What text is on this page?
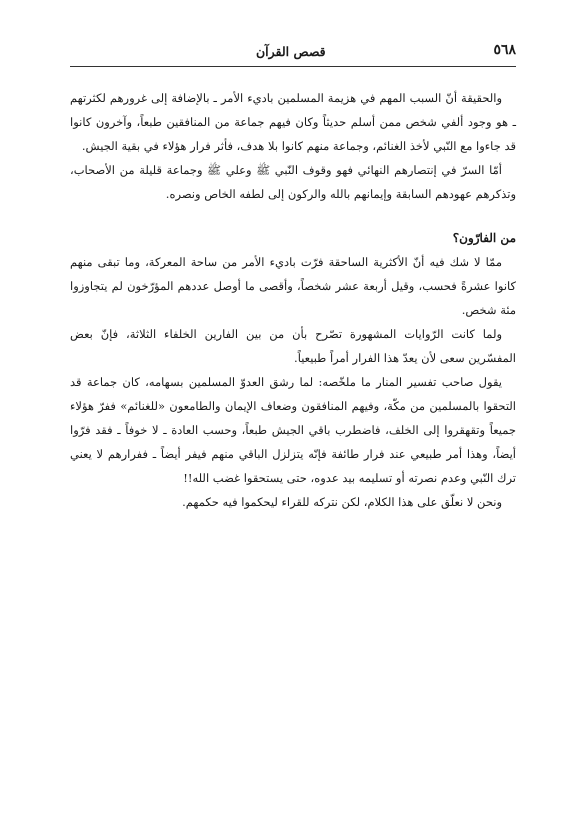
٥٦٨
قصص القرآن

والحقيقة أنّ السبب المهم في هزيمة المسلمين باديء الأمر ـ بالإضافة إلى غرورهم لكثرتهم ـ هو وجود ألفي شخص ممن أسلم حديثاً وكان فيهم جماعة من المنافقين طبعاً، وآخرون كانوا قد جاءوا مع النّبي لأخذ الغنائم، وجماعة منهم كانوا بلا هدف، فأثر فرار هؤلاء في بقية الجيش.

أمّا السرّ في إنتصارهم النهائي فهو وقوف النّبي ﷺ وعلي ﷺ وجماعة قليلة من الأصحاب، وتذكرهم عهودهم السابقة وإيمانهم بالله والركون إلى لطفه الخاص ونصره.

من الفارّون؟

ممّا لا شك فيه أنّ الأكثرية الساحقة فرّت باديء الأمر من ساحة المعركة، وما تبقى منهم كانوا عشرةً فحسب، وقيل أربعة عشر شخصاً، وأقصى ما أوصل عددهم المؤرّخون لم يتجاوزوا مئة شخص.

ولما كانت الرّوايات المشهورة تصّرح بأن من بين الفارين الخلفاء الثلاثة، فإنّ بعض المفسّرين سعى لأن يعدّ هذا الفرار أمراً طبيعياً.

يقول صاحب تفسير المنار ما ملخّصه: لما رشق العدوّ المسلمين بسهامه، كان جماعة قد التحقوا بالمسلمين من مكّة، وفيهم المنافقون وضعاف الإيمان والطامعون «للغنائم» ففرّ هؤلاء جميعاً وتقهقروا إلى الخلف، فاضطرب باقي الجيش طبعاً، وحسب العادة ـ لا خوفاً ـ فقد فرّوا أيضاً، وهذا أمر طبيعي عند فرار طائفة فإنّه يتزلزل الباقي منهم فيفر أيضاً ـ ففرارهم لا يعني ترك النّبي وعدم نصرته أو تسليمه بيد عدوه، حتى يستحقوا غضب الله!!

ونحن لا نعلّق على هذا الكلام، لكن نتركه للقراء ليحكموا فيه حكمهم.
